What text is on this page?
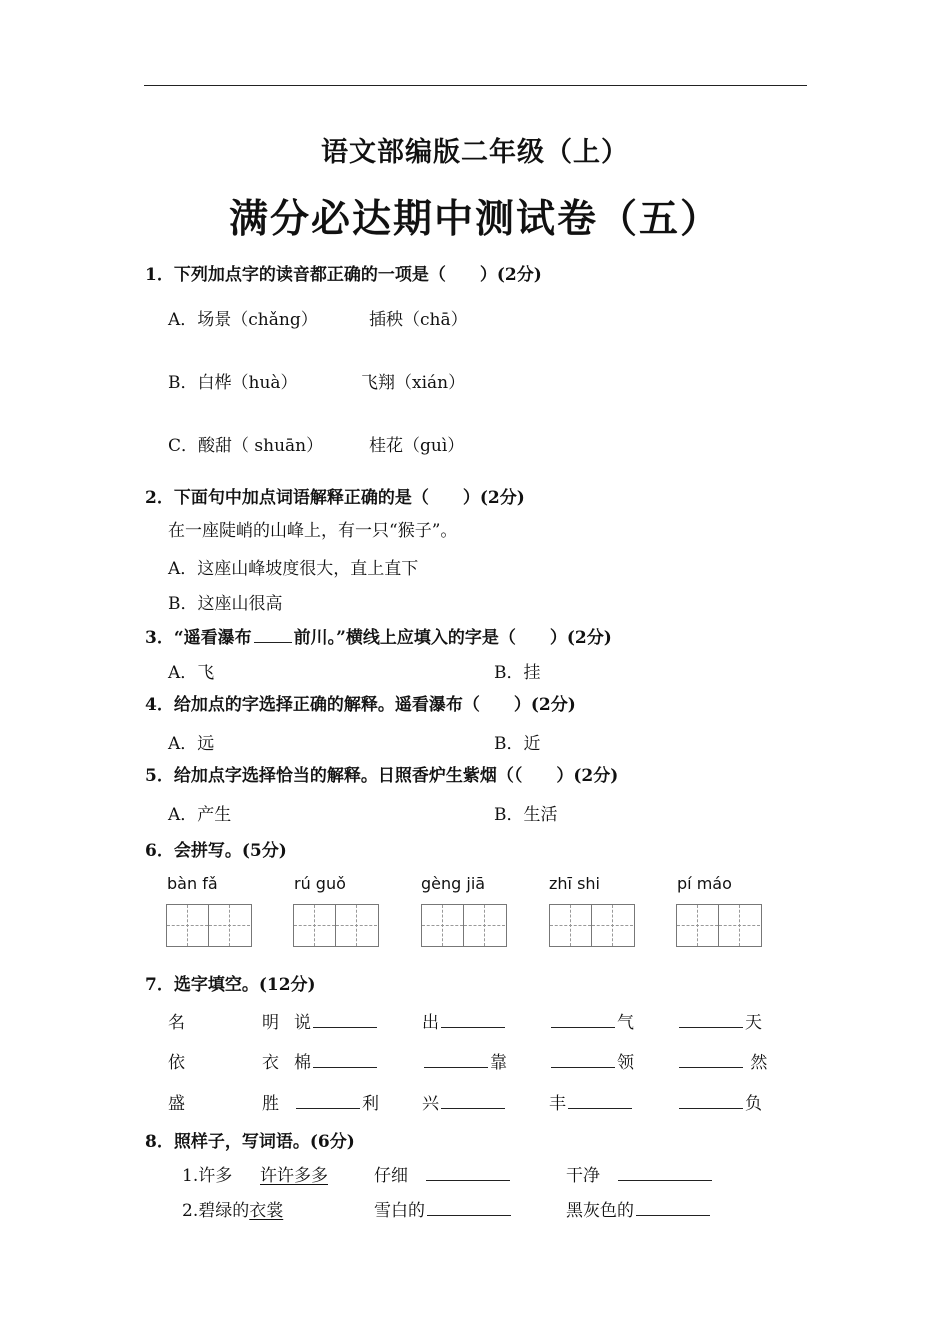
语文部编版二年级（上）
满分必达期中测试卷（五）
1．下列加点字的读音都正确的一项是（　　）(2分)
A．场景（chǎng）	插秧（chā）
B．白桦（huà）	飞翔（xián）
C．酸甜（ shuān）	桂花（guì）
2．下面句中加点词语解释正确的是（　　）(2分)
在一座陡峭的山峰上，有一只“猴子”。
A．这座山峰坡度很大，直上直下
B．这座山很高
3．“遥看瀑布 前川。”横线上应填入的字是（　　）(2分)
A．飞	B．挂
4．给加点的字选择正确的解释。遥看瀑布（　　）(2分)
A．远	B．近
5．给加点字选择恰当的解释。日照香炉生紫烟（（　　）(2分)
A．产生	B．生活
6．会拼写。(5分)
bàn fǎ	rú guǒ	gèng jiā	zhī shi	pí máo
7．选字填空。(12分)
名	明 说	出	气	天
依	衣 棉	靠	领	然
盛	胜	利	兴	丰	负
8．照样子，写词语。(6分)
1.许多 许许多多	仔细	干净
2.碧绿的衣裳	雪白的	黑灰色的
